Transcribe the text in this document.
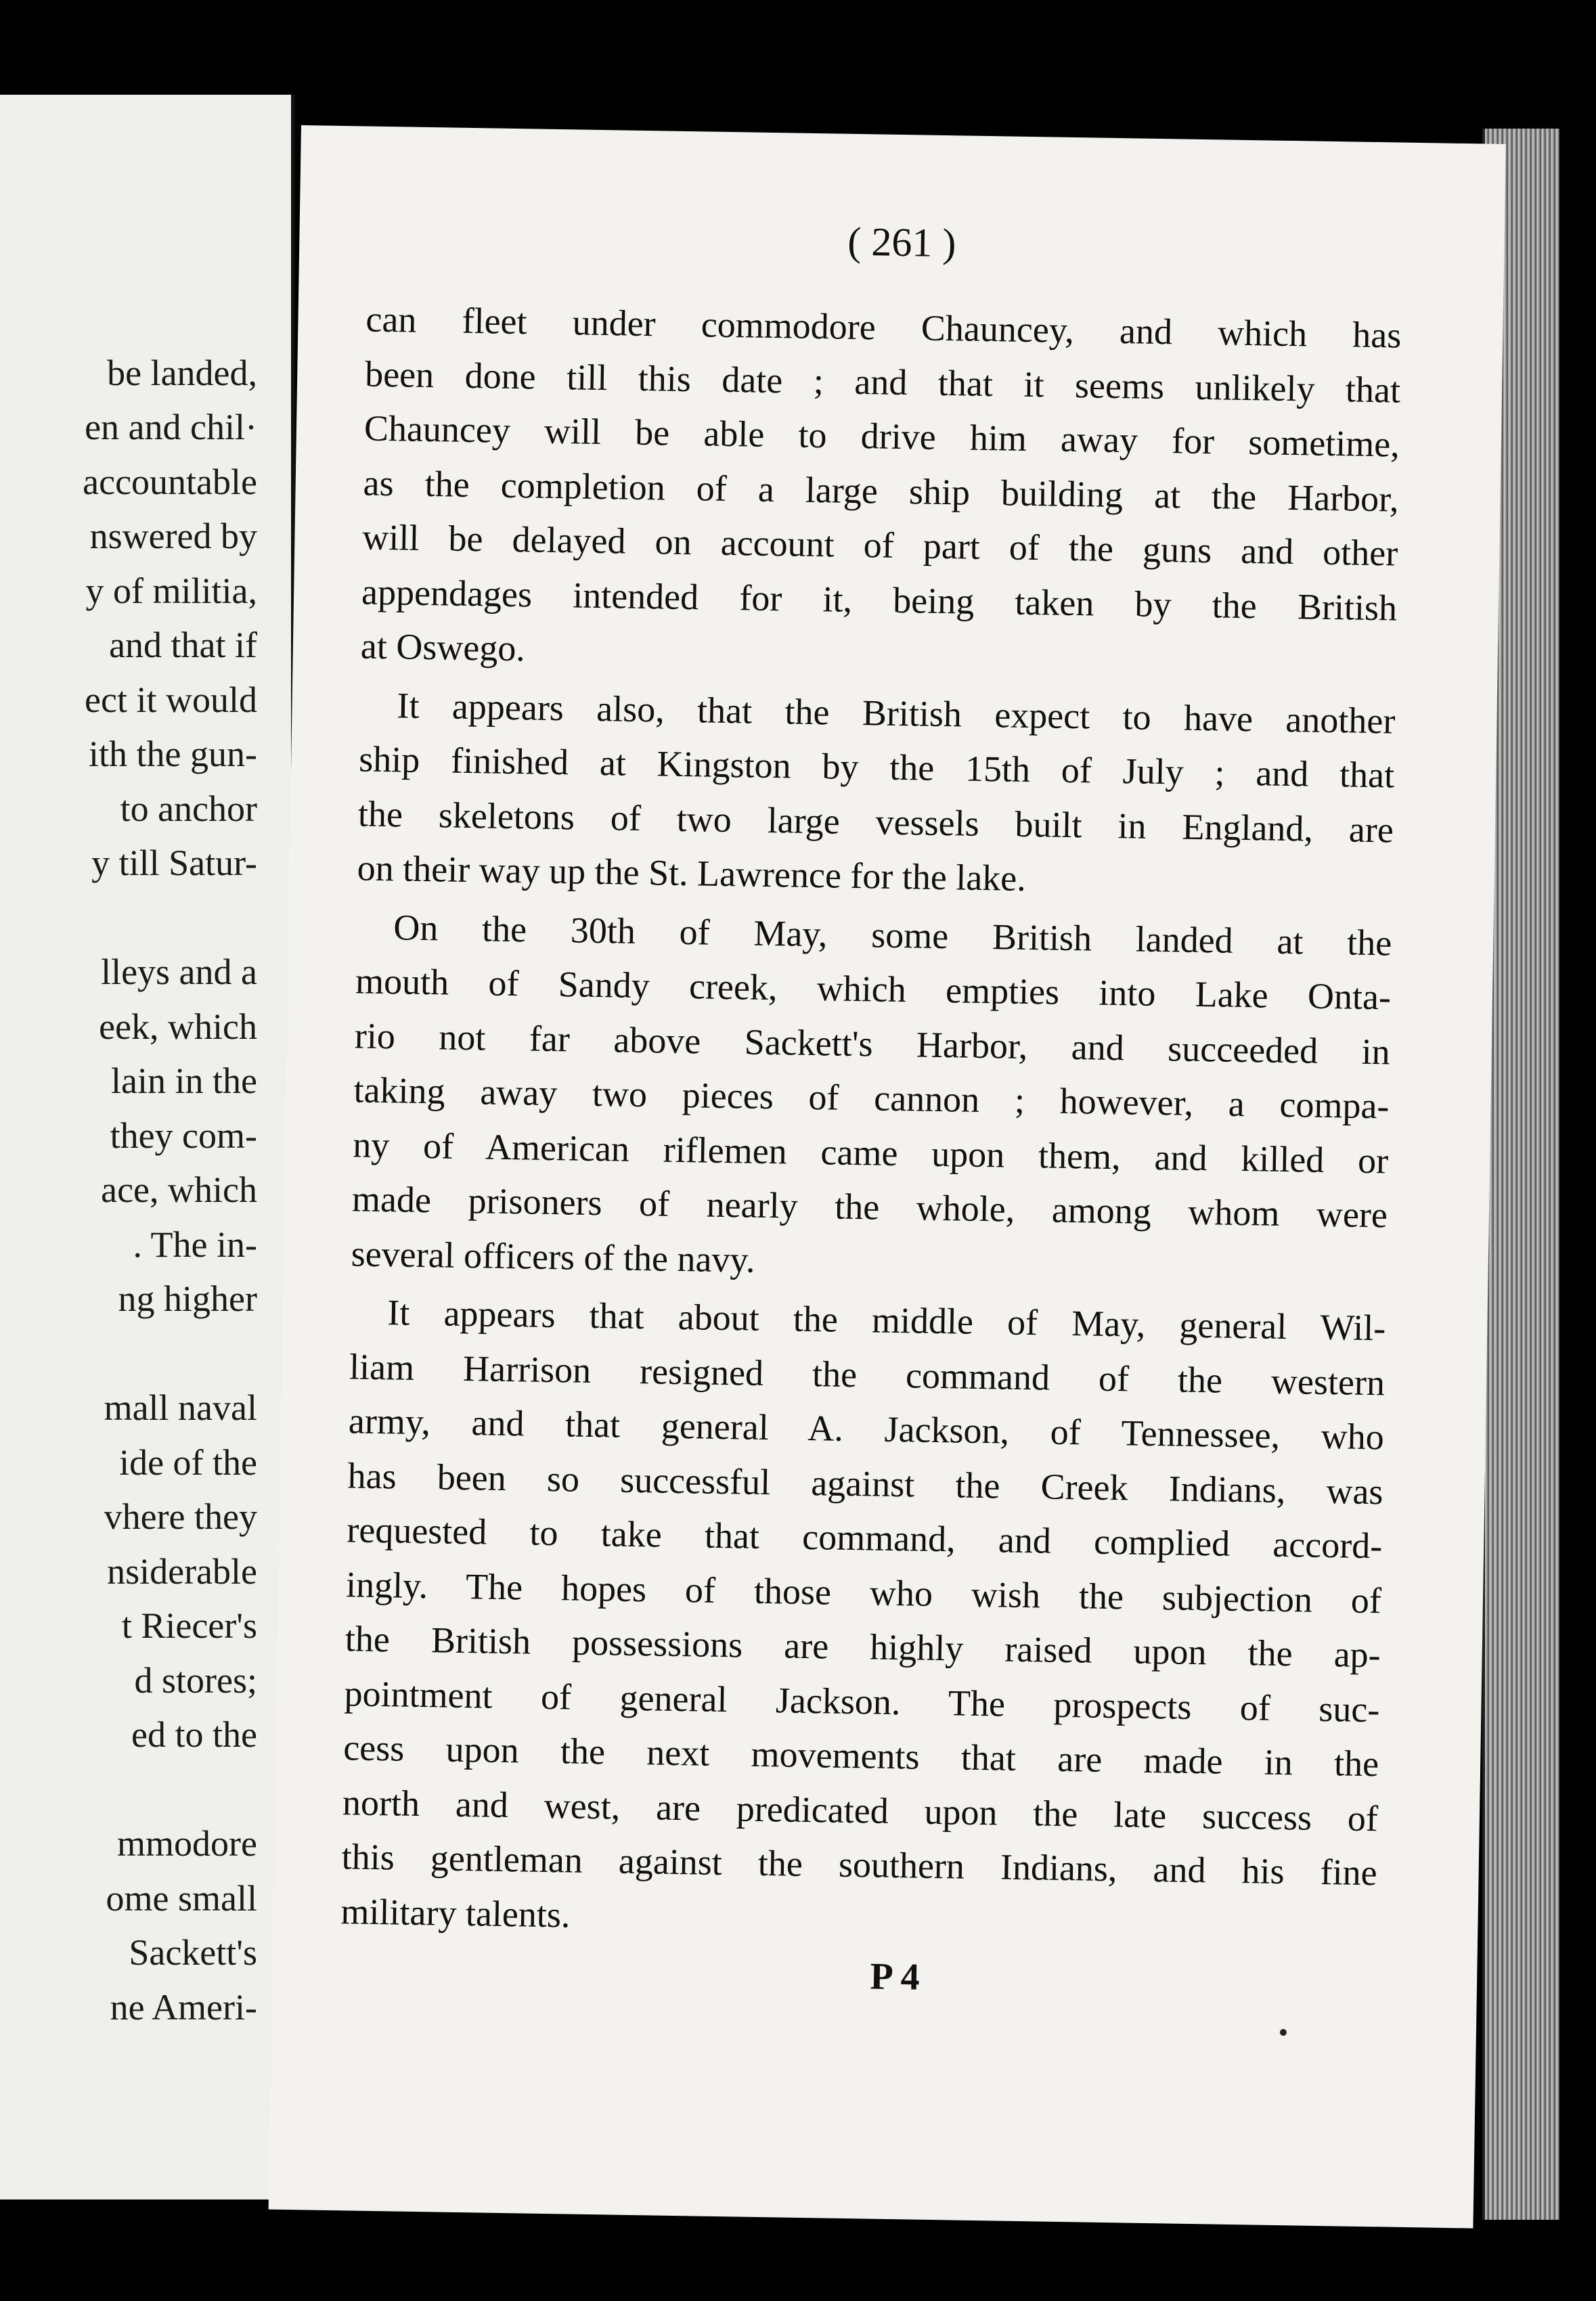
be landed,
en and chil·
accountable
nswered by
y of militia,
and that if
ect it would
ith the gun-
to anchor
y till Satur-

lleys and a
eek, which
lain in the
they com-
ace, which
. The in-
ng higher

mall naval
ide of the
vhere they
nsiderable
t Riecer's
d stores;
ed to the

mmodore
ome small
Sackett's
ne Ameri-

( 261 )
can fleet under commodore Chauncey, and which has
been done till this date ; and that it seems unlikely that
Chauncey will be able to drive him away for sometime,
as the completion of a large ship building at the Harbor,
will be delayed on account of part of the guns and other
appendages intended for it, being taken by the British
at Oswego.
It appears also, that the British expect to have another
ship finished at Kingston by the 15th of July ; and that
the skeletons of two large vessels built in England, are
on their way up the St. Lawrence for the lake.
On the 30th of May, some British landed at the
mouth of Sandy creek, which empties into Lake Onta-
rio not far above Sackett's Harbor, and succeeded in
taking away two pieces of cannon ; however, a compa-
ny of American riflemen came upon them, and killed or
made prisoners of nearly the whole, among whom were
several officers of the navy.
It appears that about the middle of May, general Wil-
liam Harrison resigned the command of the western
army, and that general A. Jackson, of Tennessee, who
has been so successful against the Creek Indians, was
requested to take that command, and complied accord-
ingly. The hopes of those who wish the subjection of
the British possessions are highly raised upon the ap-
pointment of general Jackson. The prospects of suc-
cess upon the next movements that are made in the
north and west, are predicated upon the late success of
this gentleman against the southern Indians, and his fine
military talents.
P 4
